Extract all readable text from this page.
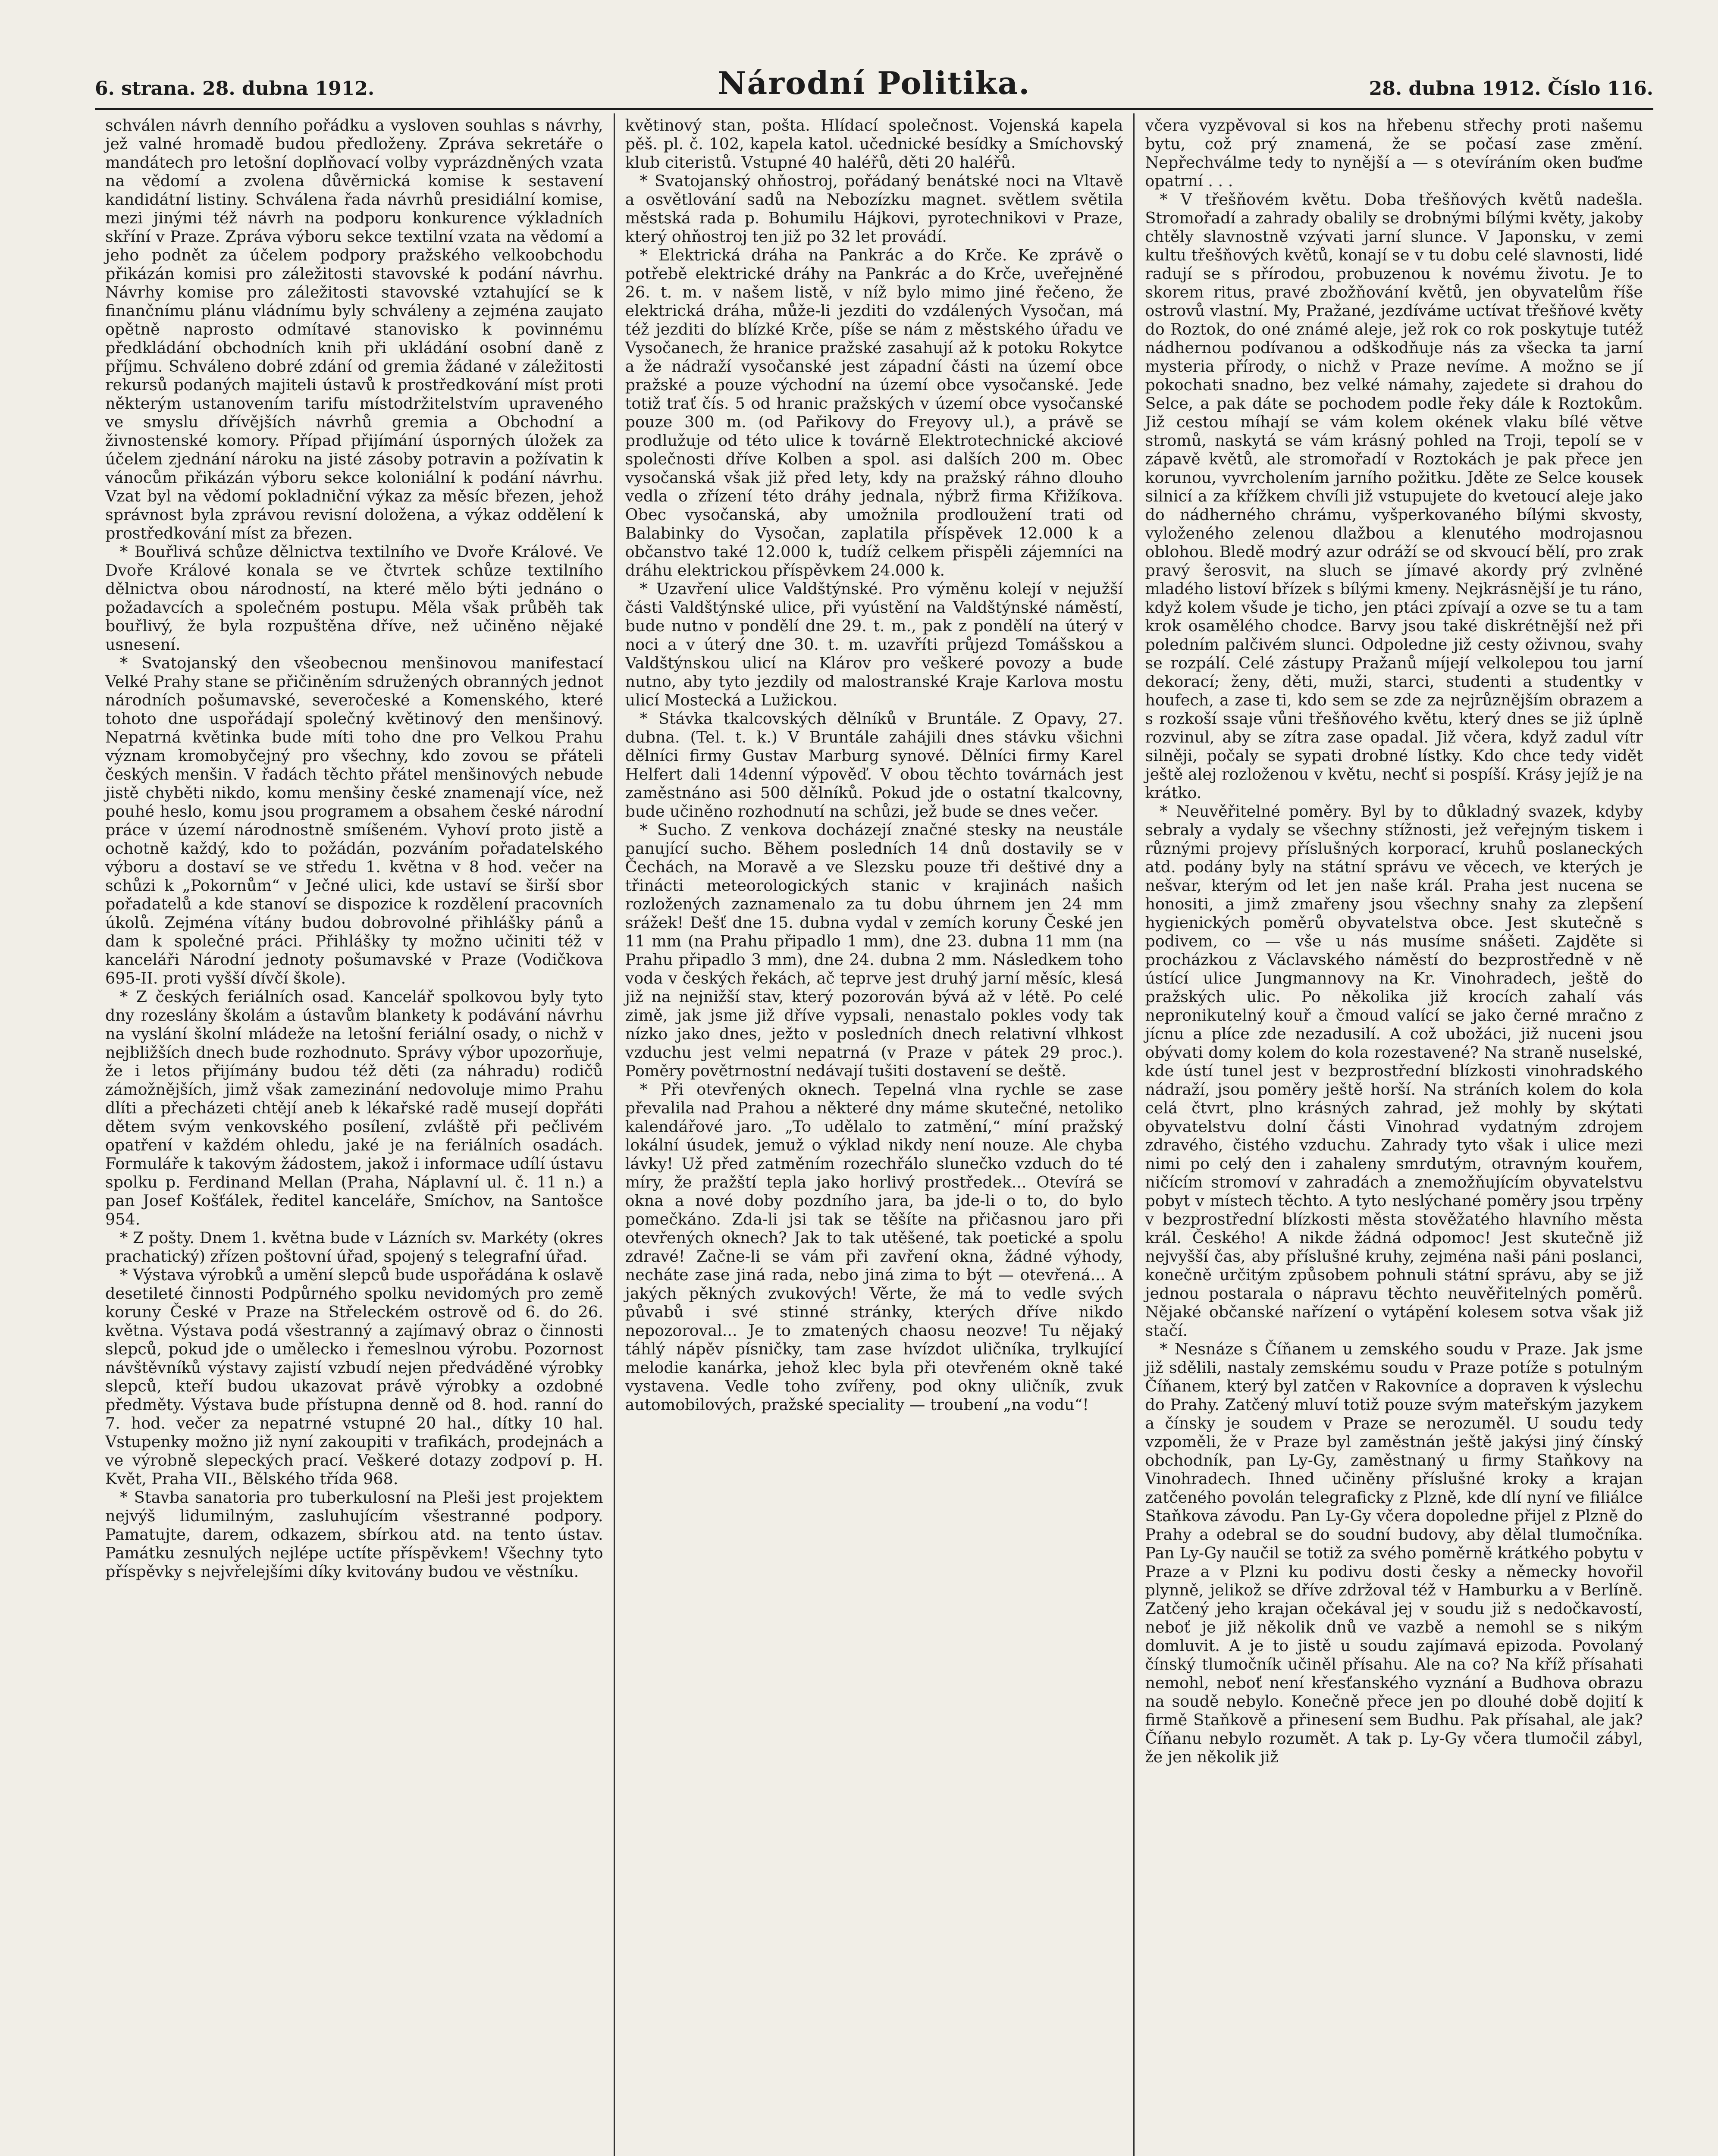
6. strana. 28. dubna 1912.	Národní Politika.	28. dubna 1912. Číslo 116.

schválen návrh denního pořádku a vysloven souhlas s návrhy, jež valné hromadě budou předloženy. Zpráva sekretáře o mandátech pro letošní doplňovací volby vyprázdněných vzata na vědomí a zvolena důvěrnická komise k sestavení kandidátní listiny. Schválena řada návrhů presidiální komise, mezi jinými též návrh na podporu konkurence výkladních skříní v Praze. Zpráva výboru sekce textilní vzata na vědomí a jeho podnět za účelem podpory pražského velkoobchodu přikázán komisi pro záležitosti stavovské k podání návrhu. Návrhy komise pro záležitosti stavovské vztahující se k finančnímu plánu vládnímu byly schváleny a zejména zaujato opětně naprosto odmítavé stanovisko k povinnému předkládání obchodních knih při ukládání osobní daně z příjmu. Schváleno dobré zdání od gremia žádané v záležitosti rekursů podaných majiteli ústavů k prostředkování míst proti některým ustanovením tarifu místodržitelstvím upraveného ve smyslu dřívějších návrhů gremia a Obchodní a živnostenské komory. Případ přijímání úsporných úložek za účelem zjednání nároku na jisté zásoby potravin a požívatin k vánocům přikázán výboru sekce koloniální k podání návrhu. Vzat byl na vědomí pokladniční výkaz za měsíc březen, jehož správnost byla zprávou revisní doložena, a výkaz oddělení k prostředkování míst za březen.

* Bouřlivá schůze dělnictva textilního ve Dvoře Králové. Ve Dvoře Králové konala se ve čtvrtek schůze textilního dělnictva obou národností, na které mělo býti jednáno o požadavcích a společném postupu. Měla však průběh tak bouřlivý, že byla rozpuštěna dříve, než učiněno nějaké usnesení.

* Svatojanský den všeobecnou menšinovou manifestací Velké Prahy stane se přičiněním sdružených obranných jednot národních pošumavské, severočeské a Komenského, které tohoto dne uspořádají společný květinový den menšinový. Nepatrná květinka bude míti toho dne pro Velkou Prahu význam kromobyčejný pro všechny, kdo zovou se přáteli českých menšin. V řadách těchto přátel menšinových nebude jistě chyběti nikdo, komu menšiny české znamenají více, než pouhé heslo, komu jsou programem a obsahem české národní práce v území národnostně smíšeném. Vyhoví proto jistě a ochotně každý, kdo to požádán, pozváním pořadatelského výboru a dostaví se ve středu 1. května v 8 hod. večer na schůzi k „Pokornům“ v Ječné ulici, kde ustaví se širší sbor pořadatelů a kde stanoví se dispozice k rozdělení pracovních úkolů. Zejména vítány budou dobrovolné přihlášky pánů a dam k společné práci. Přihlášky ty možno učiniti též v kanceláři Národní jednoty pošumavské v Praze (Vodičkova 695-II. proti vyšší dívčí škole).

* Z českých feriálních osad. Kancelář spolkovou byly tyto dny rozeslány školám a ústavům blankety k podávání návrhu na vyslání školní mládeže na letošní feriální osady, o nichž v nejbližších dnech bude rozhodnuto. Správy výbor upozorňuje, že i letos přijímány budou též děti (za náhradu) rodičů zámožnějších, jimž však zamezinání nedovoluje mimo Prahu dlíti a přecházeti chtějí aneb k lékařské radě musejí dopřáti dětem svým venkovského posílení, zvláště při pečlivém opatření v každém ohledu, jaké je na feriálních osadách. Formuláře k takovým žádostem, jakož i informace udílí ústavu spolku p. Ferdinand Mellan (Praha, Náplavní ul. č. 11 n.) a pan Josef Košťálek, ředitel kanceláře, Smíchov, na Santošce 954.

* Z pošty. Dnem 1. května bude v Lázních sv. Markéty (okres prachatický) zřízen poštovní úřad, spojený s telegrafní úřad.

* Výstava výrobků a umění slepců bude uspořádána k oslavě desetileté činnosti Podpůrného spolku nevidomých pro země koruny České v Praze na Střeleckém ostrově od 6. do 26. května. Výstava podá všestranný a zajímavý obraz o činnosti slepců, pokud jde o umělecko i řemeslnou výrobu. Pozornost návštěvníků výstavy zajistí vzbudí nejen předváděné výrobky slepců, kteří budou ukazovat právě výrobky a ozdobné předměty. Výstava bude přístupna denně od 8. hod. ranní do 7. hod. večer za nepatrné vstupné 20 hal., dítky 10 hal. Vstupenky možno již nyní zakoupiti v trafikách, prodejnách a ve výrobně slepeckých prací. Veškeré dotazy zodpoví p. H. Květ, Praha VII., Bělského třída 968.

* Stavba sanatoria pro tuberkulosní na Pleši jest projektem nejvýš lidumilným, zasluhujícím všestranné podpory. Pamatujte, darem, odkazem, sbírkou atd. na tento ústav. Památku zesnulých nejlépe uctíte příspěvkem! Všechny tyto příspěvky s nejvřelejšími díky kvitovány budou ve věstníku.

květinový stan, pošta. Hlídací společnost. Vojenská kapela pěš. pl. č. 102, kapela katol. učednické besídky a Smíchovský klub citeristů. Vstupné 40 haléřů, děti 20 haléřů.

* Svatojanský ohňostroj, pořádaný benátské noci na Vltavě a osvětlování sadů na Nebozízku magnet. světlem světila městská rada p. Bohumilu Hájkovi, pyrotechnikovi v Praze, který ohňostroj ten již po 32 let provádí.

* Elektrická dráha na Pankrác a do Krče. Ke zprávě o potřebě elektrické dráhy na Pankrác a do Krče, uveřejněné 26. t. m. v našem listě, v níž bylo mimo jiné řečeno, že elektrická dráha, může-li jezditi do vzdálených Vysočan, má též jezditi do blízké Krče, píše se nám z městského úřadu ve Vysočanech, že hranice pražské zasahují až k potoku Rokytce a že nádraží vysočanské jest západní části na území obce pražské a pouze východní na území obce vysočanské. Jede totiž trať čís. 5 od hranic pražských v území obce vysočanské pouze 300 m. (od Pařikovy do Freyovy ul.), a právě se prodlužuje od této ulice k továrně Elektrotechnické akciové společnosti dříve Kolben a spol. asi dalších 200 m. Obec vysočanská však již před lety, kdy na pražský ráhno dlouho vedla o zřízení této dráhy jednala, nýbrž firma Křižíkova. Obec vysočanská, aby umožnila prodloužení trati od Balabinky do Vysočan, zaplatila příspěvek 12.000 k a občanstvo také 12.000 k, tudíž celkem přispěli zájemníci na dráhu elektrickou příspěvkem 24.000 k.

* Uzavření ulice Valdštýnské. Pro výměnu kolejí v nejužší části Valdštýnské ulice, při vyústění na Valdštýnské náměstí, bude nutno v pondělí dne 29. t. m., pak z pondělí na úterý v noci a v úterý dne 30. t. m. uzavříti průjezd Tomášskou a Valdštýnskou ulicí na Klárov pro veškeré povozy a bude nutno, aby tyto jezdily od malostranské Kraje Karlova mostu ulicí Mostecká a Lužickou.

* Stávka tkalcovských dělníků v Bruntále. Z Opavy, 27. dubna. (Tel. t. k.) V Bruntále zahájili dnes stávku všichni dělníci firmy Gustav Marburg synové. Dělníci firmy Karel Helfert dali 14denní výpověď. V obou těchto továrnách jest zaměstnáno asi 500 dělníků. Pokud jde o ostatní tkalcovny, bude učiněno rozhodnutí na schůzi, jež bude se dnes večer.

* Sucho. Z venkova docházejí značné stesky na neustále panující sucho. Během posledních 14 dnů dostavily se v Čechách, na Moravě a ve Slezsku pouze tři deštivé dny a třinácti meteorologických stanic v krajinách našich rozložených zaznamenalo za tu dobu úhrnem jen 24 mm srážek! Dešť dne 15. dubna vydal v zemích koruny České jen 11 mm (na Prahu připadlo 1 mm), dne 23. dubna 11 mm (na Prahu připadlo 3 mm), dne 24. dubna 2 mm. Následkem toho voda v českých řekách, ač teprve jest druhý jarní měsíc, klesá již na nejnižší stav, který pozorován bývá až v létě. Po celé zimě, jak jsme již dříve vypsali, nenastalo pokles vody tak nízko jako dnes, ježto v posledních dnech relativní vlhkost vzduchu jest velmi nepatrná (v Praze v pátek 29 proc.). Poměry povětrnostní nedávají tušiti dostavení se deště.

* Při otevřených oknech. Tepelná vlna rychle se zase převalila nad Prahou a některé dny máme skutečné, netoliko kalendářové jaro. „To udělalo to zatmění,“ míní pražský lokální úsudek, jemuž o výklad nikdy není nouze. Ale chyba lávky! Už před zatměním rozechřálo slunečko vzduch do té míry, že pražští tepla jako horlivý prostředek... Otevírá se okna a nové doby pozdního jara, ba jde-li o to, do bylo pomečkáno. Zda-li jsi tak se těšíte na přičasnou jaro při otevřených oknech? Jak to tak utěšené, tak poetické a spolu zdravé! Začne-li se vám při zavření okna, žádné výhody, necháte zase jiná rada, nebo jiná zima to být — otevřená... A jakých pěkných zvukových! Věrte, že má to vedle svých půvabů i své stinné stránky, kterých dříve nikdo nepozoroval... Je to zmatených chaosu neozve! Tu nějaký táhlý nápěv písničky, tam zase hvízdot uličníka, trylkující melodie kanárka, jehož klec byla při otevřeném okně také vystavena. Vedle toho zvířeny, pod okny uličník, zvuk automobilových, pražské speciality — troubení „na vodu“!

včera vyzpěvoval si kos na hřebenu střechy proti našemu bytu, což prý znamená, že se počasí zase změní. Nepřechválme tedy to nynější a — s otevíráním oken buďme opatrní . . .

* V třešňovém květu. Doba třešňových květů nadešla. Stromořadí a zahrady obalily se drobnými bílými květy, jakoby chtěly slavnostně vzývati jarní slunce. V Japonsku, v zemi kultu třešňových květů, konají se v tu dobu celé slavnosti, lidé radují se s přírodou, probuzenou k novému životu. Je to skorem ritus, pravé zbožňování květů, jen obyvatelům říše ostrovů vlastní. My, Pražané, jezdíváme uctívat třešňové květy do Roztok, do oné známé aleje, jež rok co rok poskytuje tutéž nádhernou podívanou a odškodňuje nás za všecka ta jarní mysteria přírody, o nichž v Praze nevíme. A možno se jí pokochati snadno, bez velké námahy, zajedete si drahou do Selce, a pak dáte se pochodem podle řeky dále k Roztokům. Již cestou míhají se vám kolem okének vlaku bílé větve stromů, naskytá se vám krásný pohled na Troji, tepolí se v zápavě květů, ale stromořadí v Roztokách je pak přece jen korunou, vyvrcholením jarního požitku. Jděte ze Selce kousek silnicí a za křížkem chvíli již vstupujete do kvetoucí aleje jako do nádherného chrámu, vyšperkovaného bílými skvosty, vyloženého zelenou dlažbou a klenutého modrojasnou oblohou. Bledě modrý azur odráží se od skvoucí bělí, pro zrak pravý šerosvit, na sluch se jímavé akordy prý zvlněné mladého listoví břízek s bílými kmeny. Nejkrásnější je tu ráno, když kolem všude je ticho, jen ptáci zpívají a ozve se tu a tam krok osamělého chodce. Barvy jsou také diskrétnější než při poledním palčivém slunci. Odpoledne již cesty oživnou, svahy se rozpálí. Celé zástupy Pražanů míjejí velkolepou tou jarní dekorací; ženy, děti, muži, starci, studenti a studentky v houfech, a zase ti, kdo sem se zde za nejrůznějším obrazem a s rozkoší ssaje vůni třešňového květu, který dnes se již úplně rozvinul, aby se zítra zase opadal. Již včera, když zadul vítr silněji, počaly se sypati drobné lístky. Kdo chce tedy vidět ještě alej rozloženou v květu, nechť si pospíší. Krásy jejíž je na krátko.

* Neuvěřitelné poměry. Byl by to důkladný svazek, kdyby sebraly a vydaly se všechny stížnosti, jež veřejným tiskem i různými projevy příslušných korporací, kruhů poslaneckých atd. podány byly na státní správu ve věcech, ve kterých je nešvar, kterým od let jen naše král. Praha jest nucena se honositi, a jimž zmařeny jsou všechny snahy za zlepšení hygienických poměrů obyvatelstva obce. Jest skutečně s podivem, co — vše u nás musíme snášeti. Zajděte si procházkou z Václavského náměstí do bezprostředně v ně ústící ulice Jungmannovy na Kr. Vinohradech, ještě do pražských ulic. Po několika již krocích zahalí vás nepronikutelný kouř a čmoud valící se jako černé mračno z jícnu a plíce zde nezadusilí. A což ubožáci, již nuceni jsou obývati domy kolem do kola rozestavené? Na straně nuselské, kde ústí tunel jest v bezprostřední blízkosti vinohradského nádraží, jsou poměry ještě horší. Na stráních kolem do kola celá čtvrt, plno krásných zahrad, jež mohly by skýtati obyvatelstvu dolní části Vinohrad vydatným zdrojem zdravého, čistého vzduchu. Zahrady tyto však i ulice mezi nimi po celý den i zahaleny smrdutým, otravným kouřem, ničícím stromoví v zahradách a znemožňujícím obyvatelstvu pobyt v místech těchto. A tyto neslýchané poměry jsou trpěny v bezprostřední blízkosti města stověžatého hlavního města král. Českého! A nikde žádná odpomoc! Jest skutečně již nejvyšší čas, aby příslušné kruhy, zejména naši páni poslanci, konečně určitým způsobem pohnuli státní správu, aby se již jednou postarala o nápravu těchto neuvěřitelných poměrů. Nějaké občanské nařízení o vytápění kolesem sotva však již stačí.

* Nesnáze s Číňanem u zemského soudu v Praze. Jak jsme již sdělili, nastaly zemskému soudu v Praze potíže s potulným Číňanem, který byl zatčen v Rakovníce a dopraven k výslechu do Prahy. Zatčený mluví totiž pouze svým mateřským jazykem a čínsky je soudem v Praze se nerozuměl. U soudu tedy vzpoměli, že v Praze byl zaměstnán ještě jakýsi jiný čínský obchodník, pan Ly-Gy, zaměstnaný u firmy Staňkovy na Vinohradech. Ihned učiněny příslušné kroky a krajan zatčeného povolán telegraficky z Plzně, kde dlí nyní ve filiálce Staňkova závodu. Pan Ly-Gy včera dopoledne přijel z Plzně do Prahy a odebral se do soudní budovy, aby dělal tlumočníka. Pan Ly-Gy naučil se totiž za svého poměrně krátkého pobytu v Praze a v Plzni ku podivu dosti česky a německy hovořil plynně, jelikož se dříve zdržoval též v Hamburku a v Berlíně. Zatčený jeho krajan očekával jej v soudu již s nedočkavostí, neboť je již několik dnů ve vazbě a nemohl se s nikým domluvit. A je to jistě u soudu zajímavá epizoda. Povolaný čínský tlumočník učiněl přísahu. Ale na co? Na kříž přísahati nemohl, neboť není křesťanského vyznání a Budhova obrazu na soudě nebylo. Konečně přece jen po dlouhé době dojití k firmě Staňkově a přinesení sem Budhu. Pak přísahal, ale jak? Číňanu nebylo rozumět. A tak p. Ly-Gy včera tlumočil zábyl, že jen několik již
